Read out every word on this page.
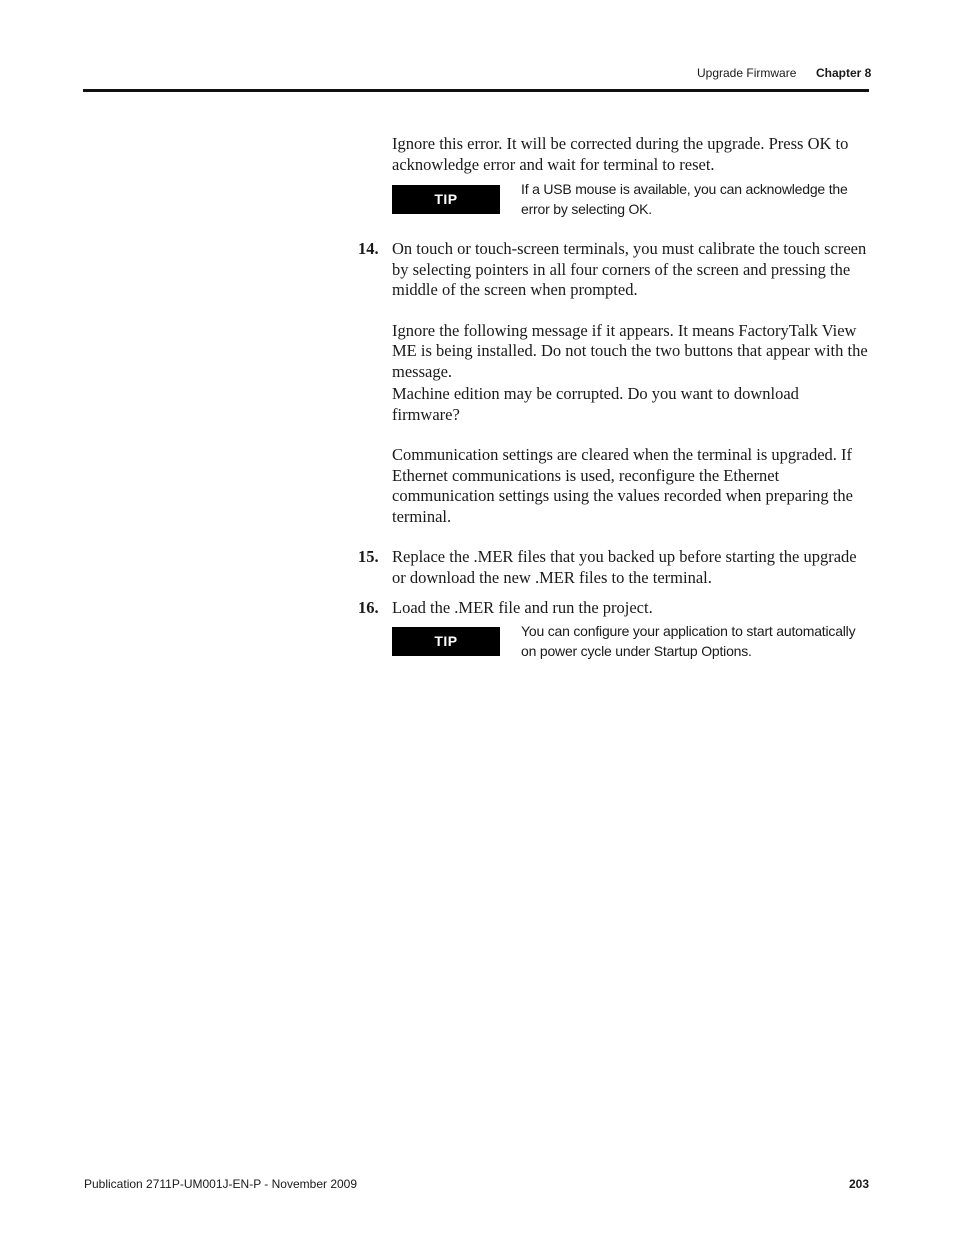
Upgrade Firmware Chapter 8

Ignore this error. It will be corrected during the upgrade. Press OK to acknowledge error and wait for terminal to reset.

TIP
If a USB mouse is available, you can acknowledge the error by selecting OK.
14. On touch or touch-screen terminals, you must calibrate the touch screen by selecting pointers in all four corners of the screen and pressing the middle of the screen when prompted.

Ignore the following message if it appears. It means FactoryTalk View ME is being installed. Do not touch the two buttons that appear with the message.

Machine edition may be corrupted. Do you want to download firmware?

Communication settings are cleared when the terminal is upgraded. If Ethernet communications is used, reconfigure the Ethernet communication settings using the values recorded when preparing the terminal.

15. Replace the .MER files that you backed up before starting the upgrade or download the new .MER files to the terminal.
16. Load the .MER file and run the project.
TIP
You can configure your application to start automatically on power cycle under Startup Options.
Publication 2711P-UM001J-EN-P - November 2009	203
